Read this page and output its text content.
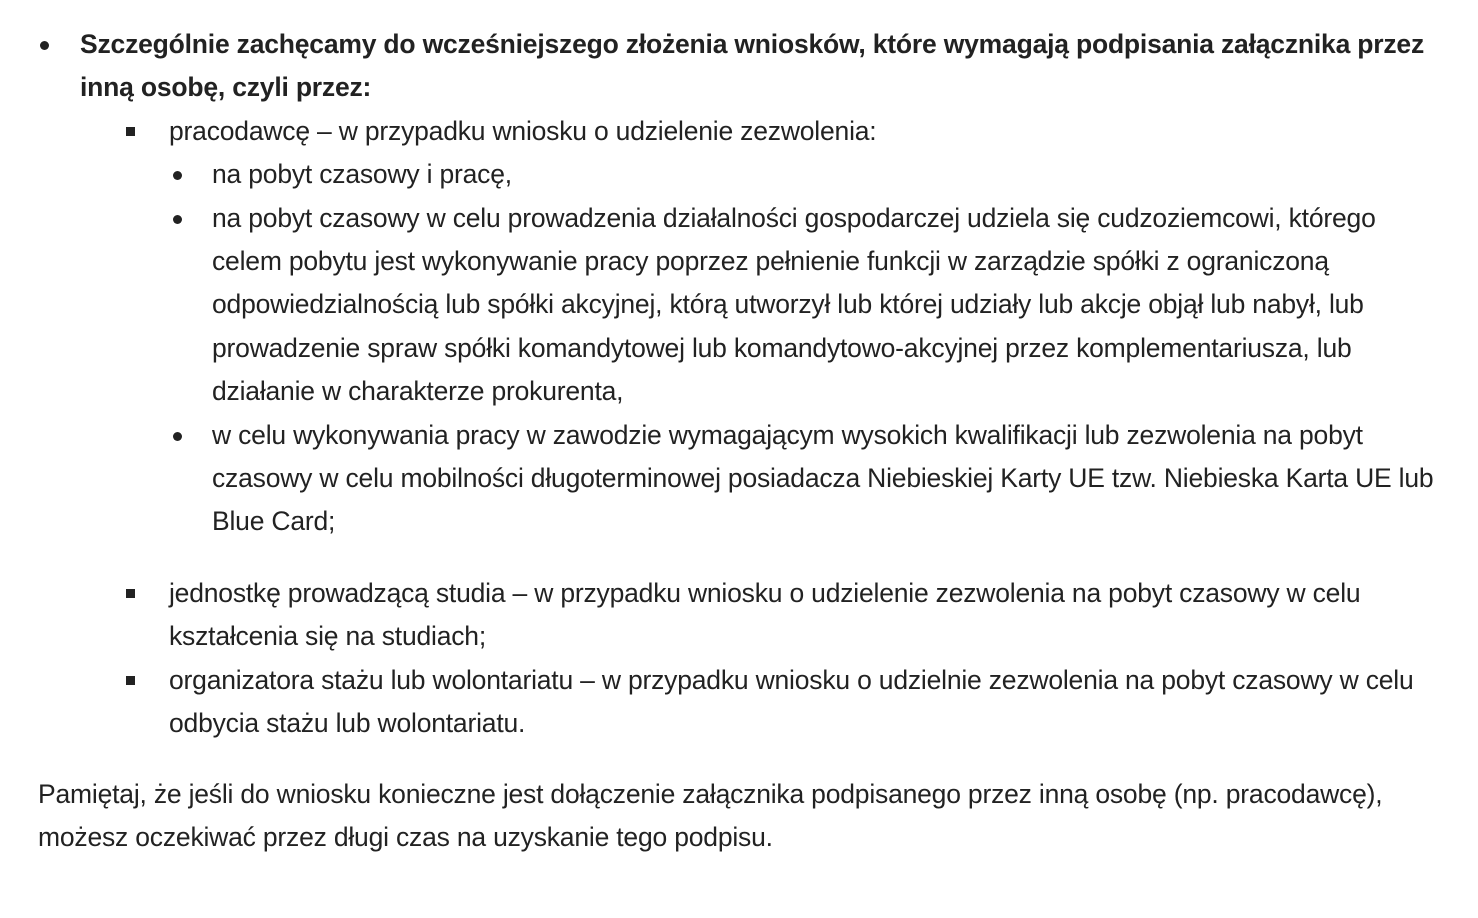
Szczególnie zachęcamy do wcześniejszego złożenia wniosków, które wymagają podpisania załącznika przez inną osobę, czyli przez:
pracodawcę – w przypadku wniosku o udzielenie zezwolenia:
na pobyt czasowy i pracę,
na pobyt czasowy w celu prowadzenia działalności gospodarczej udziela się cudzoziemcowi, którego celem pobytu jest wykonywanie pracy poprzez pełnienie funkcji w zarządzie spółki z ograniczoną odpowiedzialnością lub spółki akcyjnej, którą utworzył lub której udziały lub akcje objął lub nabył, lub prowadzenie spraw spółki komandytowej lub komandytowo-akcyjnej przez komplementariusza, lub działanie w charakterze prokurenta,
w celu wykonywania pracy w zawodzie wymagającym wysokich kwalifikacji lub zezwolenia na pobyt czasowy w celu mobilności długoterminowej posiadacza Niebieskiej Karty UE tzw. Niebieska Karta UE lub Blue Card;
jednostkę prowadzącą studia – w przypadku wniosku o udzielenie zezwolenia na pobyt czasowy w celu kształcenia się na studiach;
organizatora stażu lub wolontariatu – w przypadku wniosku o udzielnie zezwolenia na pobyt czasowy w celu odbycia stażu lub wolontariatu.

Pamiętaj, że jeśli do wniosku konieczne jest dołączenie załącznika podpisanego przez inną osobę (np. pracodawcę), możesz oczekiwać przez długi czas na uzyskanie tego podpisu.
